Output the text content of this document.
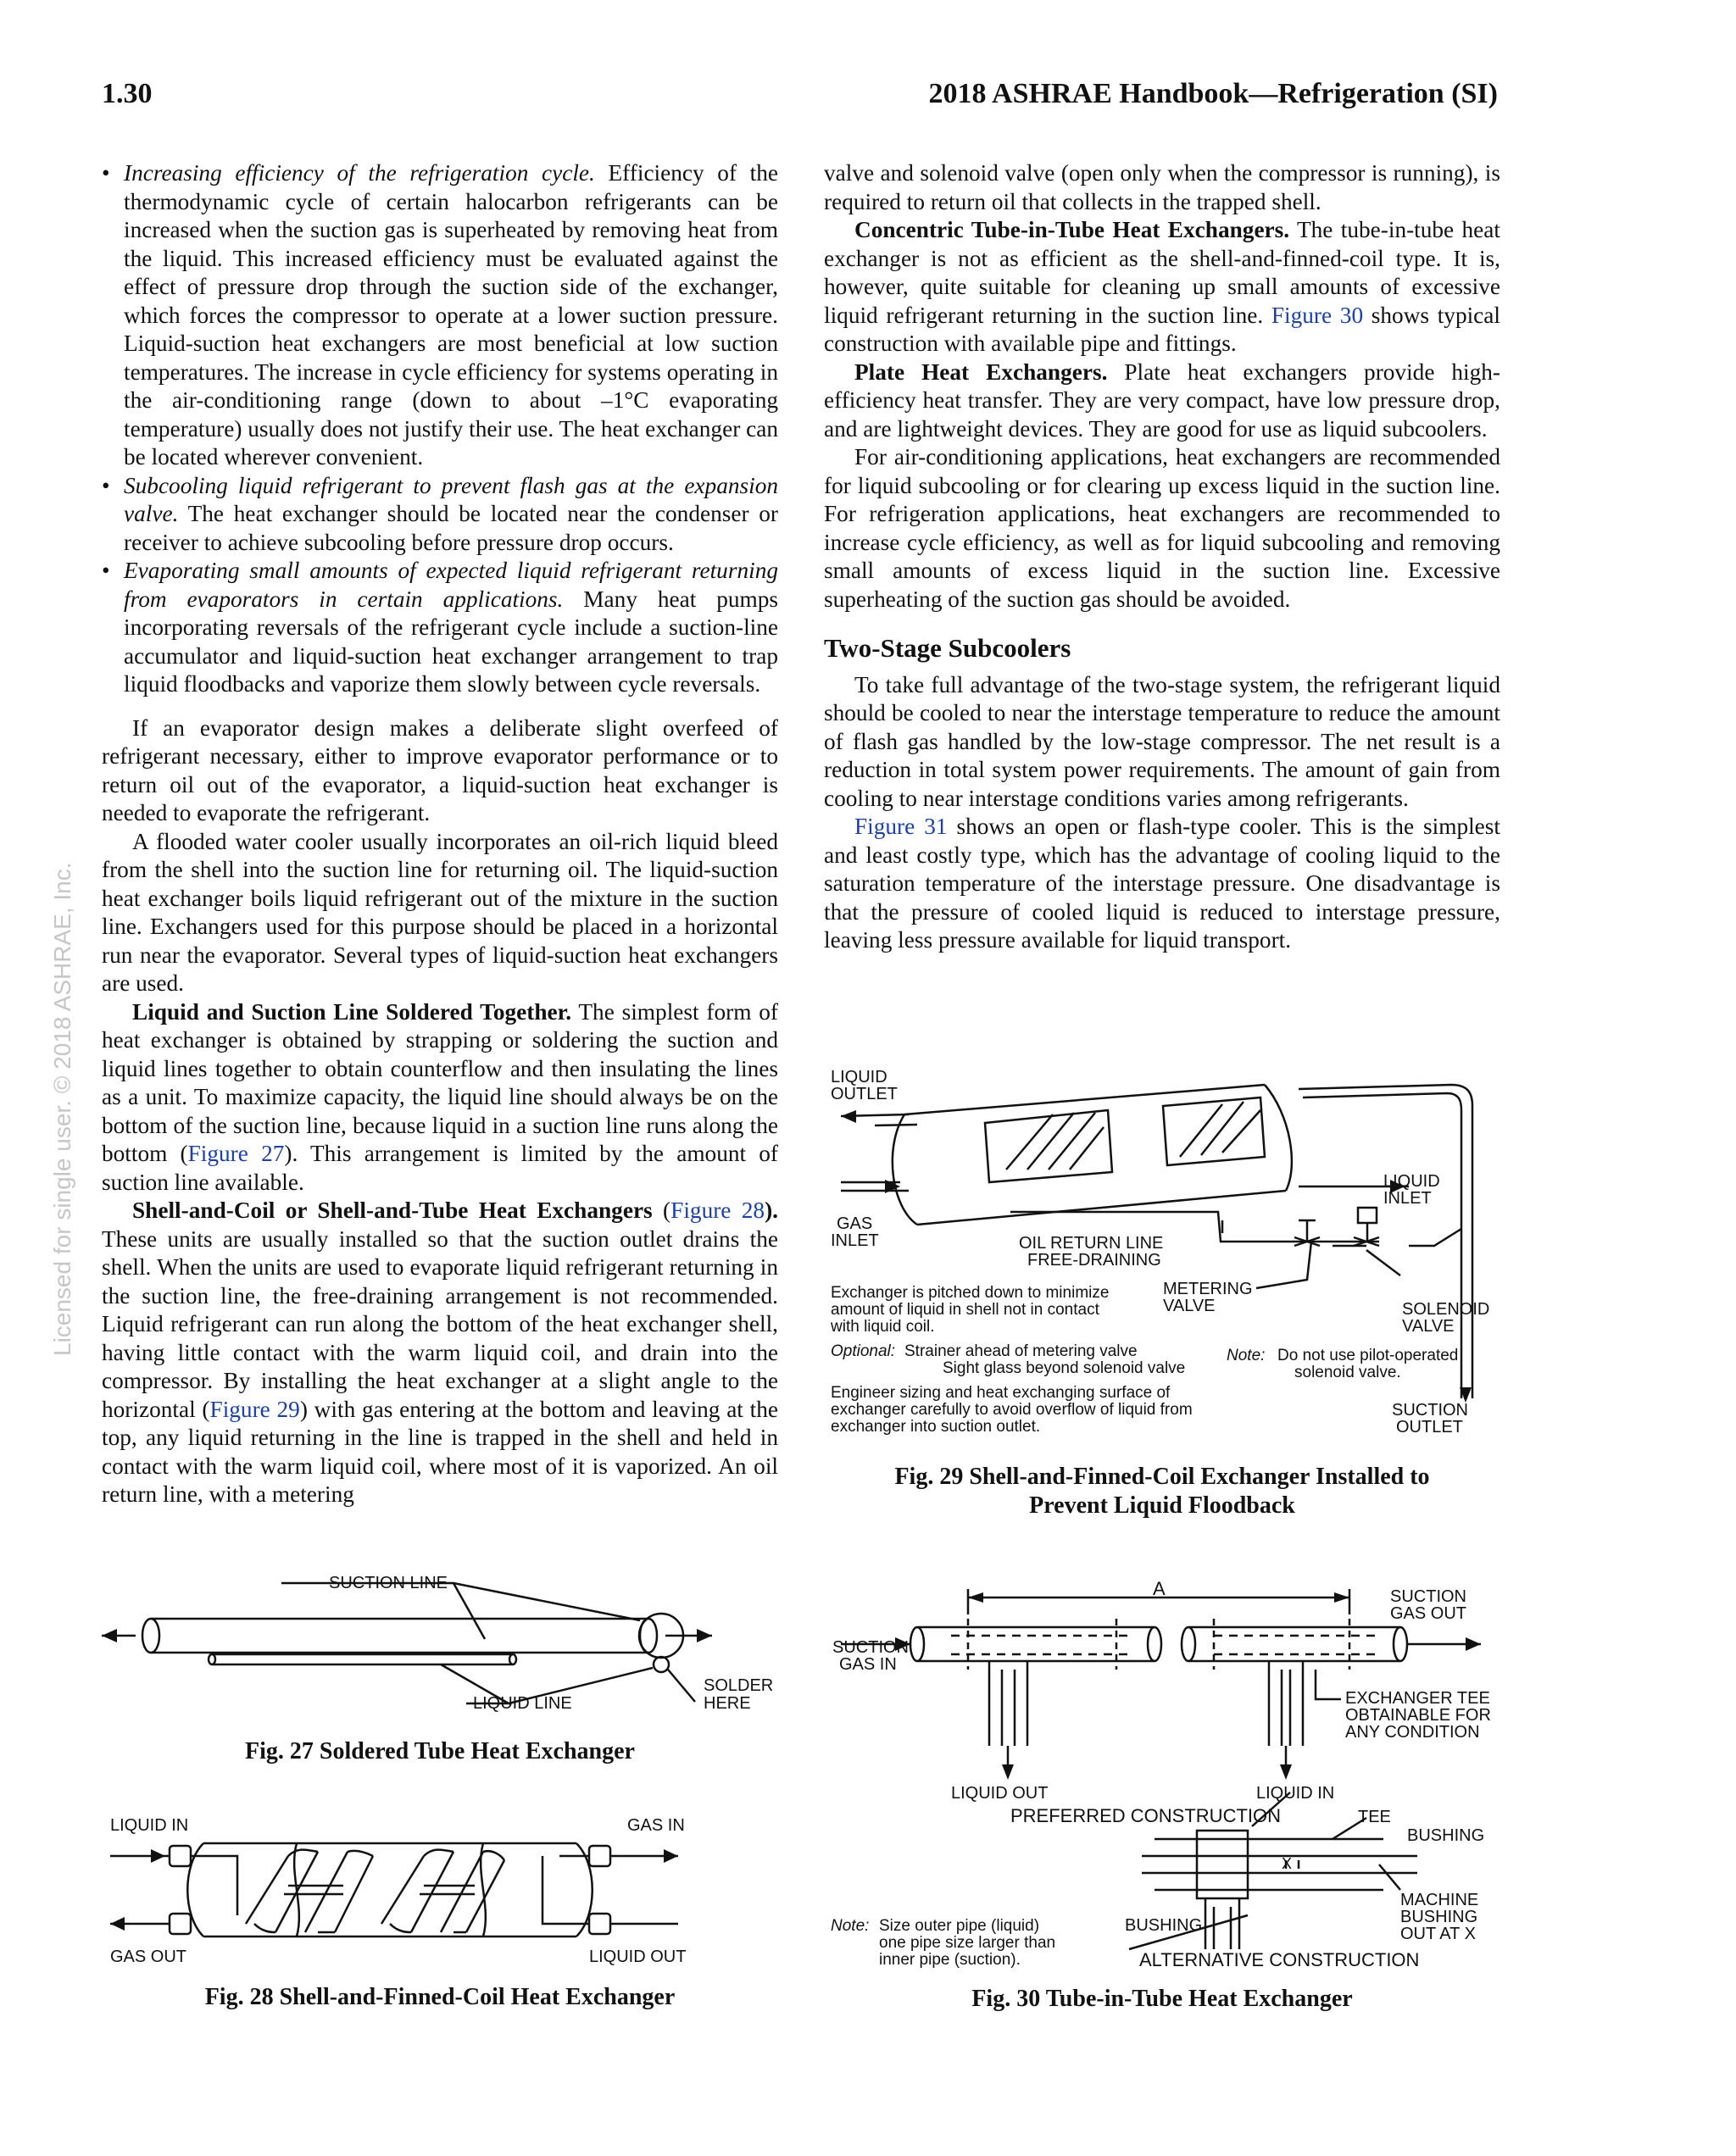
1.30	2018 ASHRAE Handbook—Refrigeration (SI)
Licensed for single user. © 2018 ASHRAE, Inc.
• Increasing efficiency of the refrigeration cycle. Efficiency of the thermodynamic cycle of certain halocarbon refrigerants can be increased when the suction gas is superheated by removing heat from the liquid. This increased efficiency must be evaluated against the effect of pressure drop through the suction side of the exchanger, which forces the compressor to operate at a lower suction pressure. Liquid-suction heat exchangers are most beneficial at low suction temperatures. The increase in cycle efficiency for systems operating in the air-conditioning range (down to about –1°C evaporating temperature) usually does not justify their use. The heat exchanger can be located wherever convenient.
• Subcooling liquid refrigerant to prevent flash gas at the expansion valve. The heat exchanger should be located near the condenser or receiver to achieve subcooling before pressure drop occurs.
• Evaporating small amounts of expected liquid refrigerant returning from evaporators in certain applications. Many heat pumps incorporating reversals of the refrigerant cycle include a suction-line accumulator and liquid-suction heat exchanger arrangement to trap liquid floodbacks and vaporize them slowly between cycle reversals.

If an evaporator design makes a deliberate slight overfeed of refrigerant necessary, either to improve evaporator performance or to return oil out of the evaporator, a liquid-suction heat exchanger is needed to evaporate the refrigerant.

A flooded water cooler usually incorporates an oil-rich liquid bleed from the shell into the suction line for returning oil. The liquid-suction heat exchanger boils liquid refrigerant out of the mixture in the suction line. Exchangers used for this purpose should be placed in a horizontal run near the evaporator. Several types of liquid-suction heat exchangers are used.

Liquid and Suction Line Soldered Together. The simplest form of heat exchanger is obtained by strapping or soldering the suction and liquid lines together to obtain counterflow and then insulating the lines as a unit. To maximize capacity, the liquid line should always be on the bottom of the suction line, because liquid in a suction line runs along the bottom (Figure 27). This arrangement is limited by the amount of suction line available.

Shell-and-Coil or Shell-and-Tube Heat Exchangers (Figure 28). These units are usually installed so that the suction outlet drains the shell. When the units are used to evaporate liquid refrigerant returning in the suction line, the free-draining arrangement is not recommended. Liquid refrigerant can run along the bottom of the heat exchanger shell, having little contact with the warm liquid coil, and drain into the compressor. By installing the heat exchanger at a slight angle to the horizontal (Figure 29) with gas entering at the bottom and leaving at the top, any liquid returning in the line is trapped in the shell and held in contact with the warm liquid coil, where most of it is vaporized. An oil return line, with a metering

valve and solenoid valve (open only when the compressor is running), is required to return oil that collects in the trapped shell.

Concentric Tube-in-Tube Heat Exchangers. The tube-in-tube heat exchanger is not as efficient as the shell-and-finned-coil type. It is, however, quite suitable for cleaning up small amounts of excessive liquid refrigerant returning in the suction line. Figure 30 shows typical construction with available pipe and fittings.

Plate Heat Exchangers. Plate heat exchangers provide high-efficiency heat transfer. They are very compact, have low pressure drop, and are lightweight devices. They are good for use as liquid subcoolers.

For air-conditioning applications, heat exchangers are recommended for liquid subcooling or for clearing up excess liquid in the suction line. For refrigeration applications, heat exchangers are recommended to increase cycle efficiency, as well as for liquid subcooling and removing small amounts of excess liquid in the suction line. Excessive superheating of the suction gas should be avoided.

Two-Stage Subcoolers

To take full advantage of the two-stage system, the refrigerant liquid should be cooled to near the interstage temperature to reduce the amount of flash gas handled by the low-stage compressor. The net result is a reduction in total system power requirements. The amount of gain from cooling to near interstage conditions varies among refrigerants.

Figure 31 shows an open or flash-type cooler. This is the simplest and least costly type, which has the advantage of cooling liquid to the saturation temperature of the interstage pressure. One disadvantage is that the pressure of cooled liquid is reduced to interstage pressure, leaving less pressure available for liquid transport.

SUCTION LINE
LIQUID LINE
SOLDER
HERE
Fig. 27 Soldered Tube Heat Exchanger
LIQUID IN	GAS IN
GAS OUT	LIQUID OUT
Fig. 28 Shell-and-Finned-Coil Heat Exchanger
LIQUID
OUTLET
GAS
INLET
LIQUID
INLET
OIL RETURN LINE
FREE-DRAINING
METERING
VALVE	SOLENOID
VALVE
Exchanger is pitched down to minimize
amount of liquid in shell not in contact
with liquid coil.
Optional: Strainer ahead of metering valve
Sight glass beyond solenoid valve
Note: Do not use pilot-operated
solenoid valve.
Engineer sizing and heat exchanging surface of
exchanger carefully to avoid overflow of liquid from
exchanger into suction outlet.
SUCTION
OUTLET
Fig. 29 Shell-and-Finned-Coil Exchanger Installed to
Prevent Liquid Floodback
A	SUCTION
GAS OUT
SUCTION
GAS IN
EXCHANGER TEE
OBTAINABLE FOR
ANY CONDITION
LIQUID OUT	LIQUID IN
PREFERRED CONSTRUCTION	TEE
BUSHING
X
MACHINE
BUSHING
OUT AT X
Note: Size outer pipe (liquid)
one pipe size larger than
inner pipe (suction).
BUSHING
ALTERNATIVE CONSTRUCTION
Fig. 30 Tube-in-Tube Heat Exchanger
